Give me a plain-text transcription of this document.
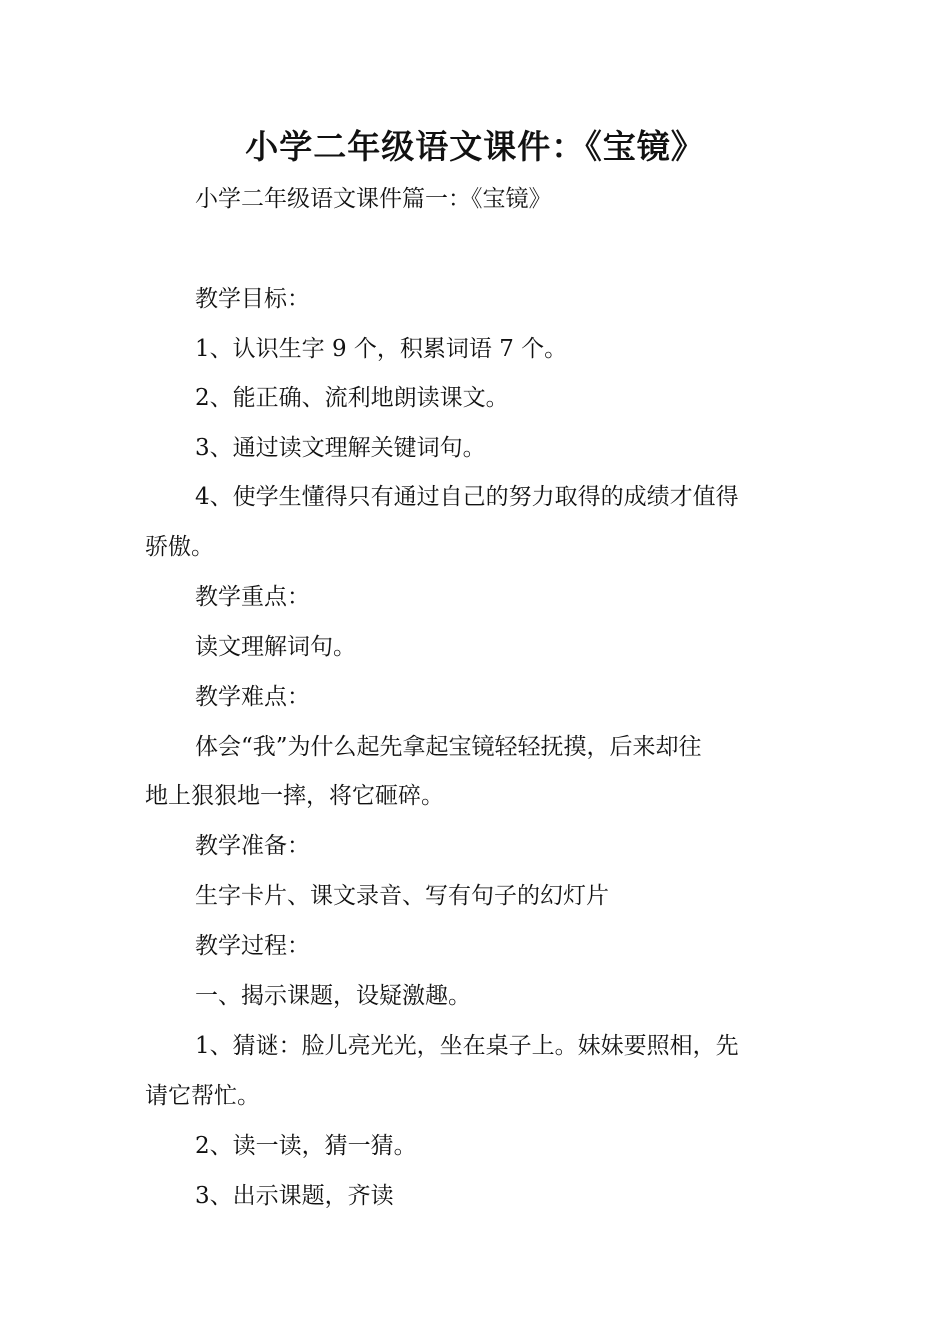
小学二年级语文课件：《宝镜》

小学二年级语文课件篇一：《宝镜》

教学目标：

1、认识生字 9 个，积累词语 7 个。

2、能正确、流利地朗读课文。

3、通过读文理解关键词句。

4、使学生懂得只有通过自己的努力取得的成绩才值得

骄傲。

教学重点：

读文理解词句。

教学难点：

体会“我”为什么起先拿起宝镜轻轻抚摸，后来却往

地上狠狠地一摔，将它砸碎。

教学准备：

生字卡片、课文录音、写有句子的幻灯片

教学过程：

一、揭示课题，设疑激趣。

1、猜谜：脸儿亮光光，坐在桌子上。妹妹要照相，先

请它帮忙。

2、读一读，猜一猜。

3、出示课题，齐读
